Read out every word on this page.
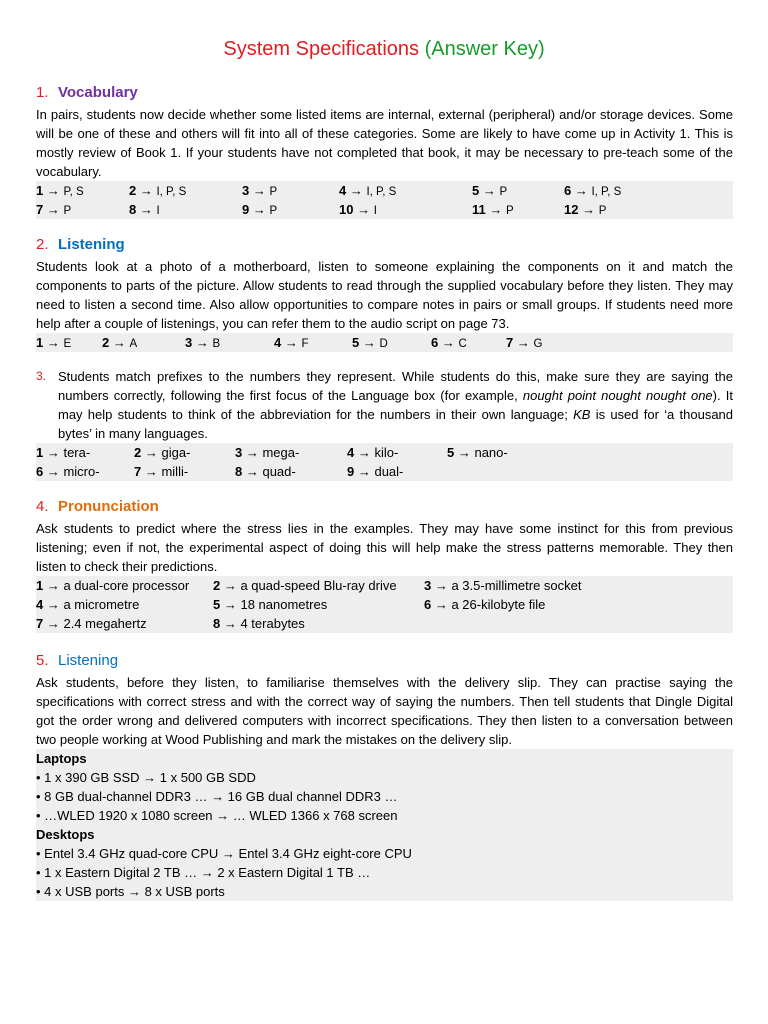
System Specifications (Answer Key)
1. Vocabulary
In pairs, students now decide whether some listed items are internal, external (peripheral) and/or storage devices. Some will be one of these and others will fit into all of these categories. Some are likely to have come up in Activity 1. This is mostly review of Book 1. If your students have not completed that book, it may be necessary to pre-teach some of the vocabulary.
1 → P, S	2 → I, P, S	3 → P	4 → I, P, S	5 → P	6 → I, P, S
7 → P	8 → I	9 → P	10 → I	11 → P	12 → P
2. Listening
Students look at a photo of a motherboard, listen to someone explaining the components on it and match the components to parts of the picture. Allow students to read through the supplied vocabulary before they listen. They may need to listen a second time. Also allow opportunities to compare notes in pairs or small groups. If students need more help after a couple of listenings, you can refer them to the audio script on page 73.
1 → E 2 → A	3 → B	4 → F	5 → D	6 → C	7 → G
3. Students match prefixes to the numbers they represent. While students do this, make sure they are saying the numbers correctly, following the first focus of the Language box (for example, nought point nought nought one). It may help students to think of the abbreviation for the numbers in their own language; KB is used for ‘a thousand bytes’ in many languages.
1 → tera-	2 → giga-	3 → mega-	4 → kilo-	5 → nano-
6 → micro-	7 → milli-	8 → quad-	9 → dual-
4. Pronunciation
Ask students to predict where the stress lies in the examples. They may have some instinct for this from previous listening; even if not, the experimental aspect of doing this will help make the stress patterns memorable. They then listen to check their predictions.
1 → a dual-core processor 2 → a quad-speed Blu-ray drive 3 → a 3.5-millimetre socket
4 → a micrometre	5 → 18 nanometres	6 → a 26-kilobyte file
7 → 2.4 megahertz	8 → 4 terabytes
5. Listening
Ask students, before they listen, to familiarise themselves with the delivery slip. They can practise saying the specifications with correct stress and with the correct way of saying the numbers. Then tell students that Dingle Digital got the order wrong and delivered computers with incorrect specifications. They then listen to a conversation between two people working at Wood Publishing and mark the mistakes on the delivery slip.
Laptops
• 1 x 390 GB SSD → 1 x 500 GB SDD
• 8 GB dual-channel DDR3 … → 16 GB dual channel DDR3 …
• …WLED 1920 x 1080 screen → … WLED 1366 x 768 screen
Desktops
• Entel 3.4 GHz quad-core CPU → Entel 3.4 GHz eight-core CPU
• 1 x Eastern Digital 2 TB … → 2 x Eastern Digital 1 TB …
• 4 x USB ports → 8 x USB ports
